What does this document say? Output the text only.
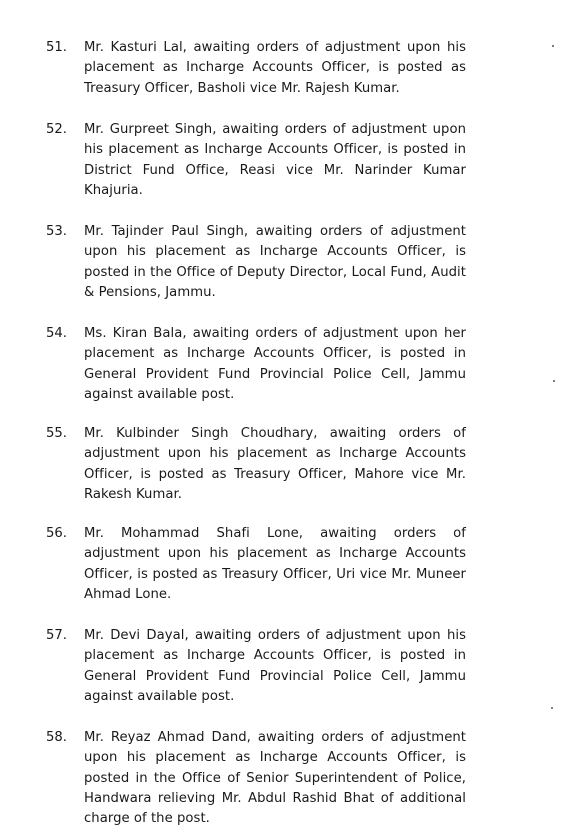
51.	Mr. Kasturi Lal, awaiting orders of adjustment upon his placement as Incharge Accounts Officer, is posted as Treasury Officer, Basholi vice Mr. Rajesh Kumar.
52.	Mr. Gurpreet Singh, awaiting orders of adjustment upon his placement as Incharge Accounts Officer, is posted in District Fund Office, Reasi vice Mr. Narinder Kumar Khajuria.
53.	Mr. Tajinder Paul Singh, awaiting orders of adjustment upon his placement as Incharge Accounts Officer, is posted in the Office of Deputy Director, Local Fund, Audit & Pensions, Jammu.
54.	Ms. Kiran Bala, awaiting orders of adjustment upon her placement as Incharge Accounts Officer, is posted in General Provident Fund Provincial Police Cell, Jammu against available post.
55.	Mr. Kulbinder Singh Choudhary, awaiting orders of adjustment upon his placement as Incharge Accounts Officer, is posted as Treasury Officer, Mahore vice Mr. Rakesh Kumar.
56.	Mr. Mohammad Shafi Lone, awaiting orders of adjustment upon his placement as Incharge Accounts Officer, is posted as Treasury Officer, Uri vice Mr. Muneer Ahmad Lone.
57.	Mr. Devi Dayal, awaiting orders of adjustment upon his placement as Incharge Accounts Officer, is posted in General Provident Fund Provincial Police Cell, Jammu against available post.
58.	Mr. Reyaz Ahmad Dand, awaiting orders of adjustment upon his placement as Incharge Accounts Officer, is posted in the Office of Senior Superintendent of Police, Handwara relieving Mr. Abdul Rashid Bhat of additional charge of the post.
